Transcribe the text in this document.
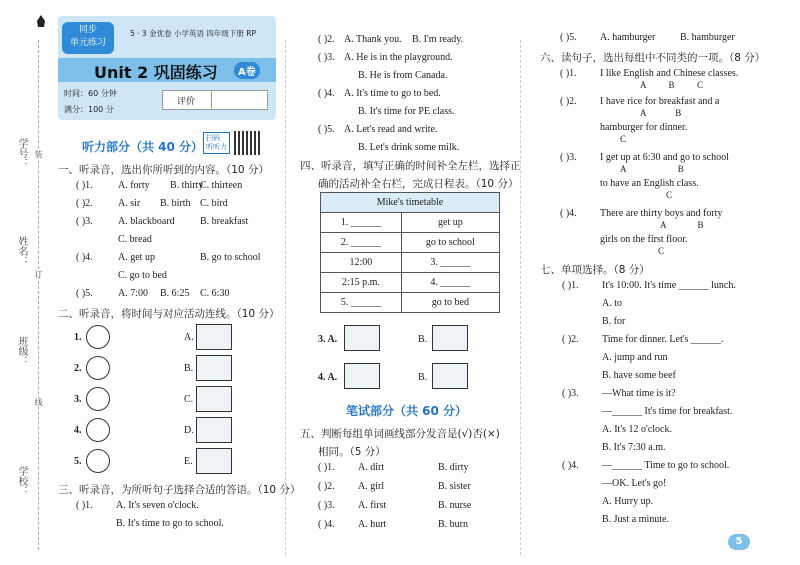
学号：
姓名：
班级：
学校：
装
订
线
同步
单元练习
5 · 3 金优卷 小学英语 四年级下册 RP
Unit 2 巩固练习	A卷
时间：60 分钟
满分：100 分
评价
听力部分（共 40 分）
扫码
听听力
一、听录音，选出你所听到的内容。（10 分）
( )1.	A. forty B. thirty
C. thirteen
( )2.	A. sir B. birth C. bird
( )3.	A. blackboard	B. breakfast
C. bread
( )4.	A. get up	B. go to school
C. go to bed
( )5.	A. 7:00 B. 6:25 C. 6:30
二、听录音，将时间与对应活动连线。（10 分）
1.
2.
3.
4.
5.
A.
B.
C.
D.
E.
三、听录音，为所听句子选择合适的答语。（10 分）
( )1. A. It's seven o'clock.
B. It's time to go to school.
( )2. A. Thank you. B. I'm ready.
( )3. A. He is in the playground.
B. He is from Canada.
( )4. A. It's time to go to bed.
B. It's time for PE class.
( )5. A. Let's read and write.
B. Let's drink some milk.
四、听录音，填写正确的时间补全左栏，选择正
确的活动补全右栏，完成日程表。（10 分）
Mike's timetable	
1. ______	get up
2. ______	go to school
12:00	3. ______
2:15 p.m.	4. ______
5. ______	go to bed
3. A.	B.
4. A.	B.
笔试部分（共 60 分）
五、判断每组单词画线部分发音是(√)否(×)
相同。（5 分）
( )1. A. dirt	B. dirty
( )2. A. girl	B. sister
( )3. A. first	B. nurse
( )4. A. hurt	B. burn
( )5. A. hamburger B. hamburger
六、读句子，选出每组中不同类的一项。（8 分）
( )1. I like English and Chinese classes.
A          B          C
( )2. I have rice for breakfast and a
A             B
hamburger for dinner.
C
( )3. I get up at 6:30 and go to school
A                       B
to have an English class.
C
( )4. There are thirty boys and forty
A              B
girls on the first floor.
C
七、单项选择。（8 分）
( )1. It's 10:00. It's time ______ lunch.
A. to
B. for
( )2. Time for dinner. Let's ______.
A. jump and run
B. have some beef
( )3. —What time is it?
—______ It's time for breakfast.
A. It's 12 o'clock.
B. It's 7:30 a.m.
( )4. —______ Time to go to school.
—OK. Let's go!
A. Hurry up.
B. Just a minute.
5
